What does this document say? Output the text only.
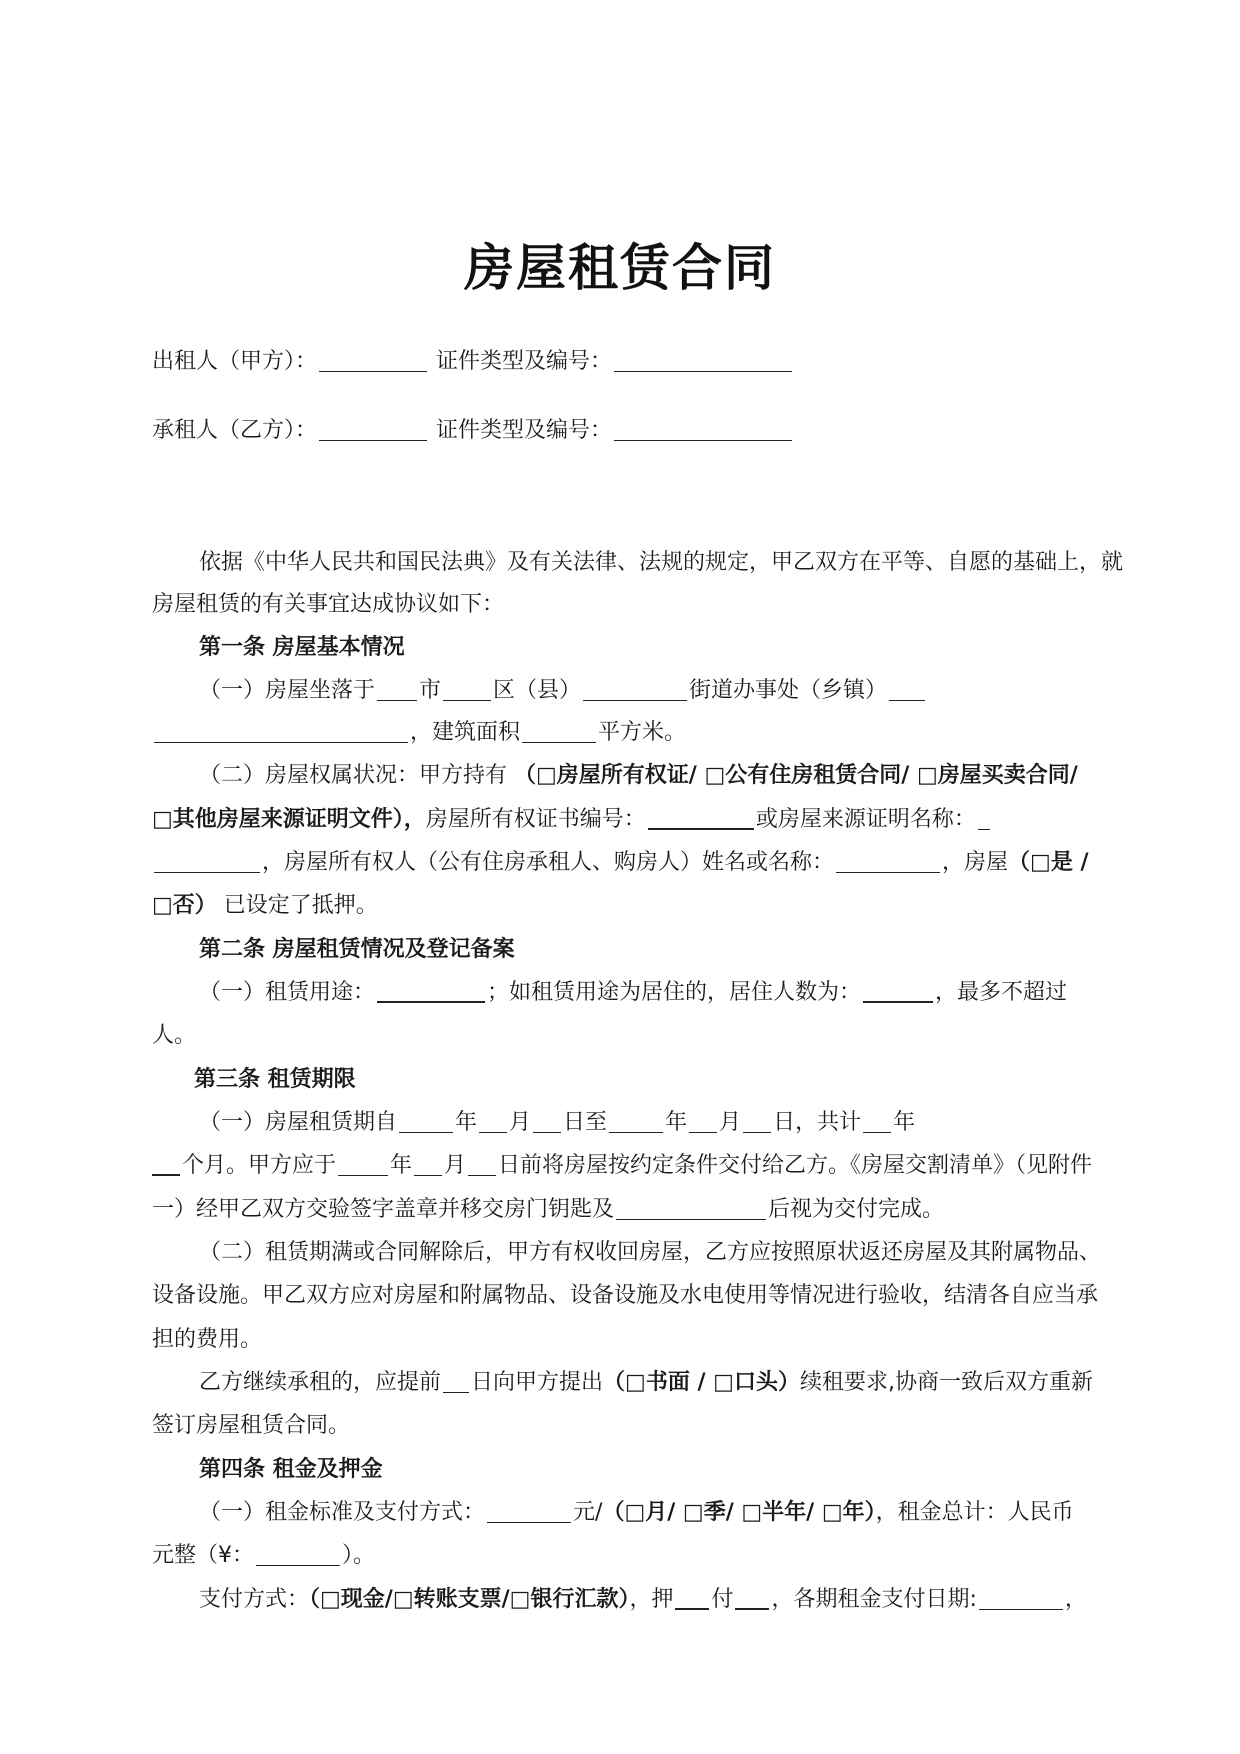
房屋租赁合同
出租人（甲方）：	证件类型及编号：
承租人（乙方）：	证件类型及编号：
依据《中华人民共和国民法典》及有关法律、法规的规定，甲乙双方在平等、自愿的基础上，就
房屋租赁的有关事宜达成协议如下：
第一条 房屋基本情况
（一）房屋坐落于 市 区（县）	街道办事处（乡镇）
，建筑面积	平方米。
（二）房屋权属状况：甲方持有 （□房屋所有权证/ □公有住房租赁合同/ □房屋买卖合同/
□其他房屋来源证明文件），房屋所有权证书编号：	或房屋来源证明名称：
，房屋所有权人（公有住房承租人、购房人）姓名或名称：	，房屋（□是 /
□否） 已设定了抵押。
第二条 房屋租赁情况及登记备案
（一）租赁用途：	；如租赁用途为居住的，居住人数为：	，最多不超过
人。
第三条 租赁期限
（一）房屋租赁期自	年 月 日至	年 月 日，共计 年
个月。甲方应于 年 月 日前将房屋按约定条件交付给乙方。《房屋交割清单》（见附件
一）经甲乙双方交验签字盖章并移交房门钥匙及	后视为交付完成。
（二）租赁期满或合同解除后，甲方有权收回房屋，乙方应按照原状返还房屋及其附属物品、
设备设施。甲乙双方应对房屋和附属物品、设备设施及水电使用等情况进行验收，结清各自应当承
担的费用。
乙方继续承租的，应提前 日向甲方提出（□书面 / □口头）续租要求,协商一致后双方重新
签订房屋租赁合同。
第四条 租金及押金
（一）租金标准及支付方式：	元/（□月/ □季/ □半年/ □年），租金总计：人民币
元整（¥：	）。
支付方式：（□现金/□转账支票/□银行汇款），押 付 ，各期租金支付日期:	，
